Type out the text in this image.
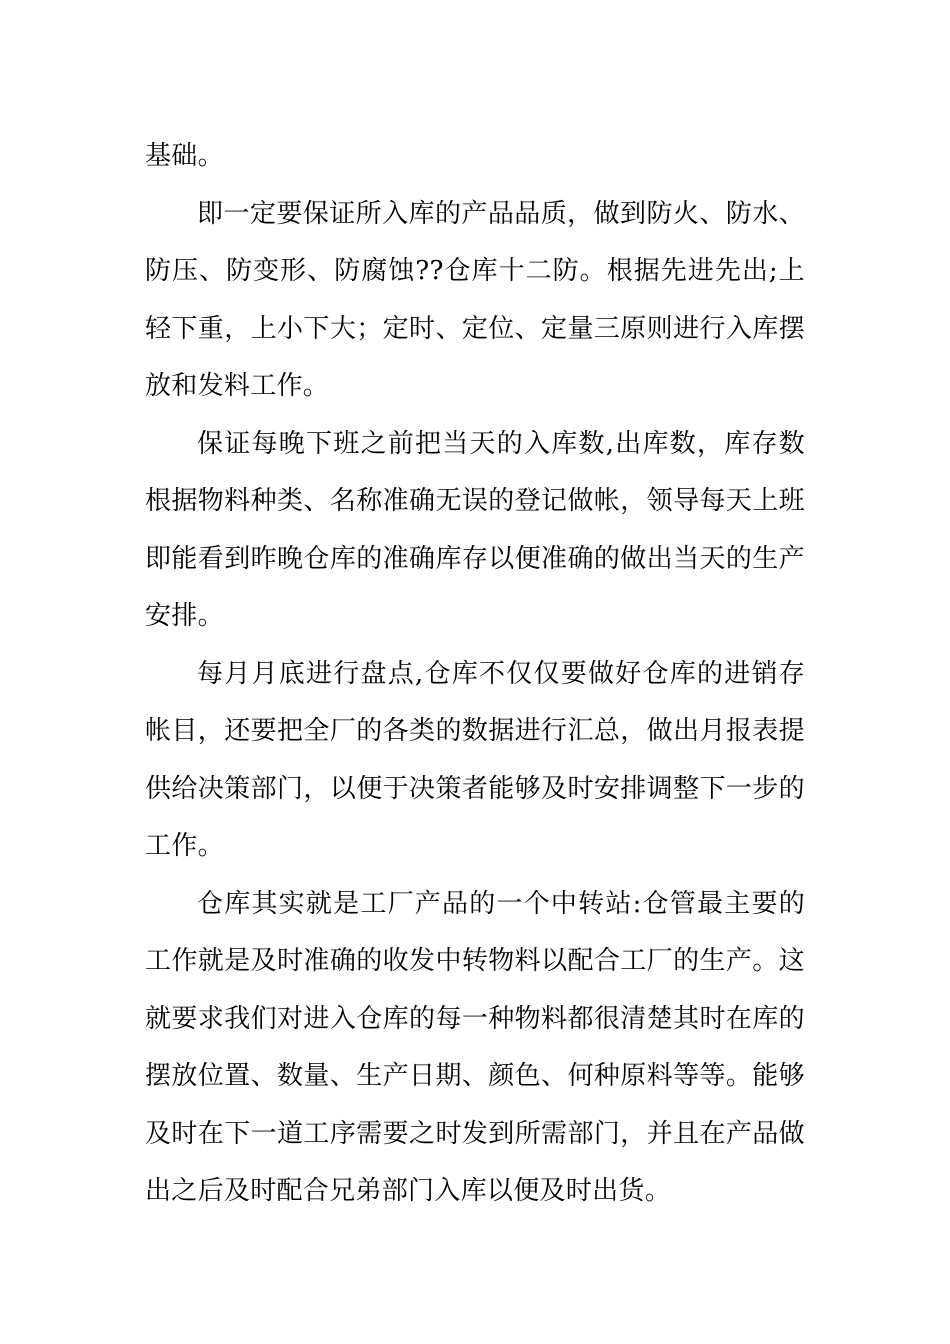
基础。

即一定要保证所入库的产品品质，做到防火、防水、防压、防变形、防腐蚀??仓库十二防。根据先进先出;上轻下重，上小下大；定时、定位、定量三原则进行入库摆放和发料工作。

保证每晚下班之前把当天的入库数,出库数，库存数根据物料种类、名称准确无误的登记做帐，领导每天上班即能看到昨晚仓库的准确库存以便准确的做出当天的生产安排。

每月月底进行盘点,仓库不仅仅要做好仓库的进销存帐目，还要把全厂的各类的数据进行汇总，做出月报表提供给决策部门，以便于决策者能够及时安排调整下一步的工作。

仓库其实就是工厂产品的一个中转站:仓管最主要的工作就是及时准确的收发中转物料以配合工厂的生产。这就要求我们对进入仓库的每一种物料都很清楚其时在库的摆放位置、数量、生产日期、颜色、何种原料等等。能够及时在下一道工序需要之时发到所需部门，并且在产品做出之后及时配合兄弟部门入库以便及时出货。
